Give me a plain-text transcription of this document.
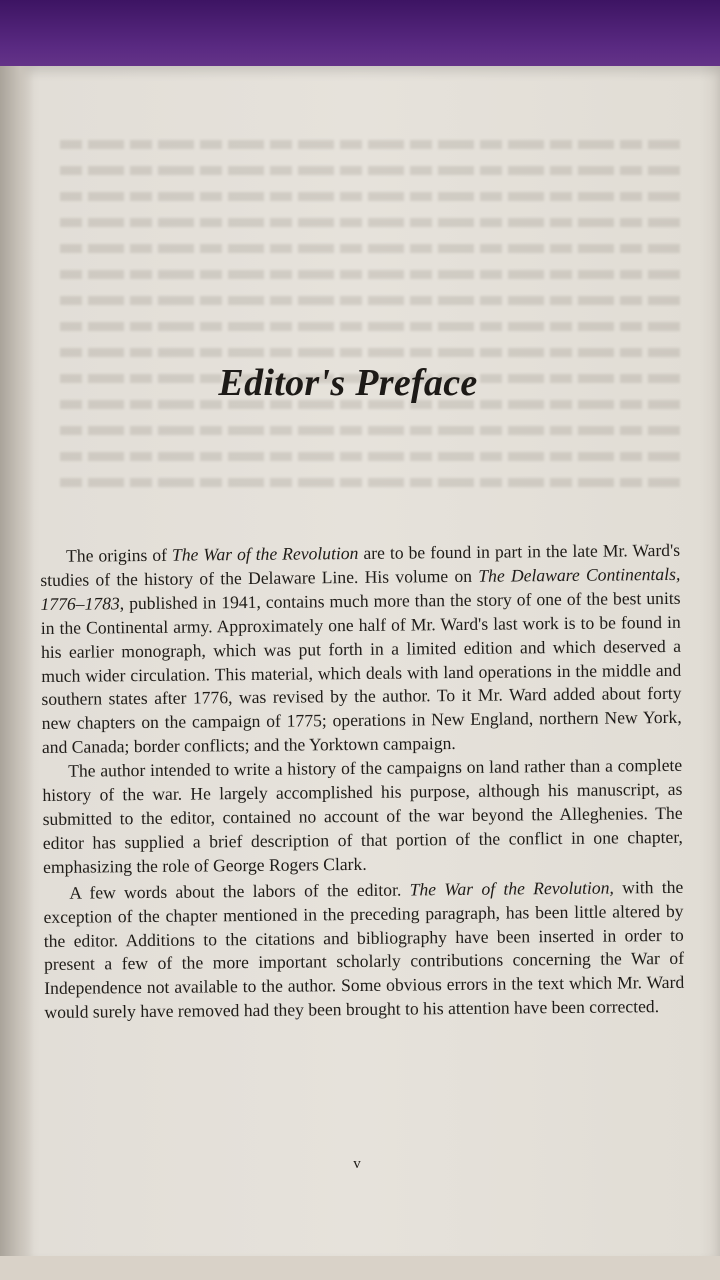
Editor's Preface

The origins of The War of the Revolution are to be found in part in the late Mr. Ward's studies of the history of the Delaware Line. His volume on The Delaware Continentals, 1776–1783, published in 1941, contains much more than the story of one of the best units in the Continental army. Approximately one half of Mr. Ward's last work is to be found in his earlier monograph, which was put forth in a limited edition and which deserved a much wider circulation. This material, which deals with land operations in the middle and southern states after 1776, was revised by the author. To it Mr. Ward added about forty new chapters on the campaign of 1775; operations in New England, northern New York, and Canada; border conflicts; and the Yorktown campaign.

The author intended to write a history of the campaigns on land rather than a complete history of the war. He largely accomplished his purpose, although his manuscript, as submitted to the editor, contained no account of the war beyond the Alleghenies. The editor has supplied a brief description of that portion of the conflict in one chapter, emphasizing the role of George Rogers Clark.

A few words about the labors of the editor. The War of the Revolution, with the exception of the chapter mentioned in the preceding paragraph, has been little altered by the editor. Additions to the citations and bibliography have been inserted in order to present a few of the more important scholarly contributions concerning the War of Independence not available to the author. Some obvious errors in the text which Mr. Ward would surely have removed had they been brought to his attention have been corrected.

v
